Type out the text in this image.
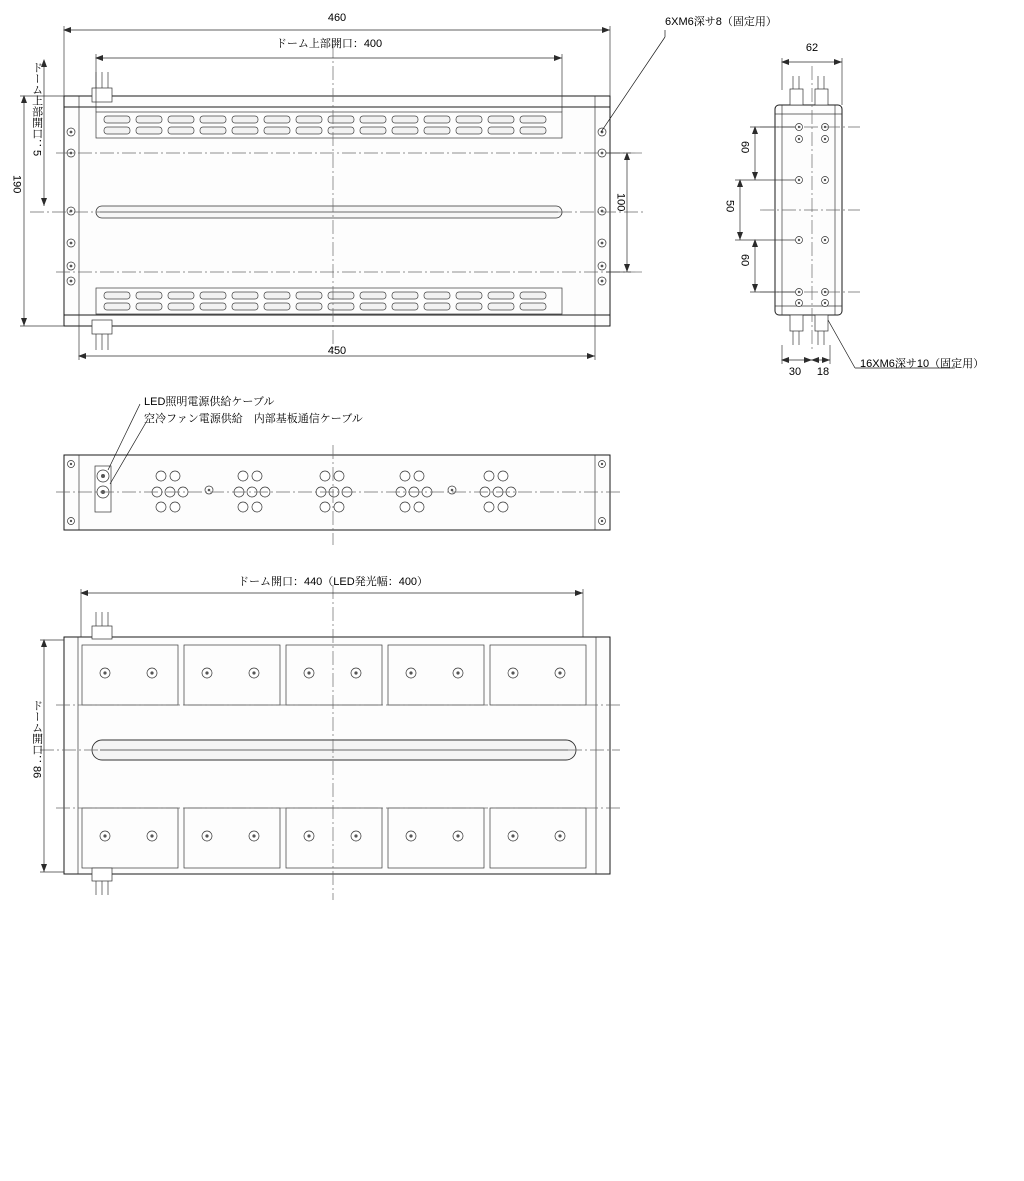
460
ドーム上部開口：400
190
ドーム上部開口：5
450
100
6XM6深サ8（固定用）
62
60
50
60
30 18
16XM6深サ10（固定用）
LED照明電源供給ケーブル
空冷ファン電源供給　内部基板通信ケーブル
ドーム開口：440（LED発光幅：400）
ドーム開口：86
